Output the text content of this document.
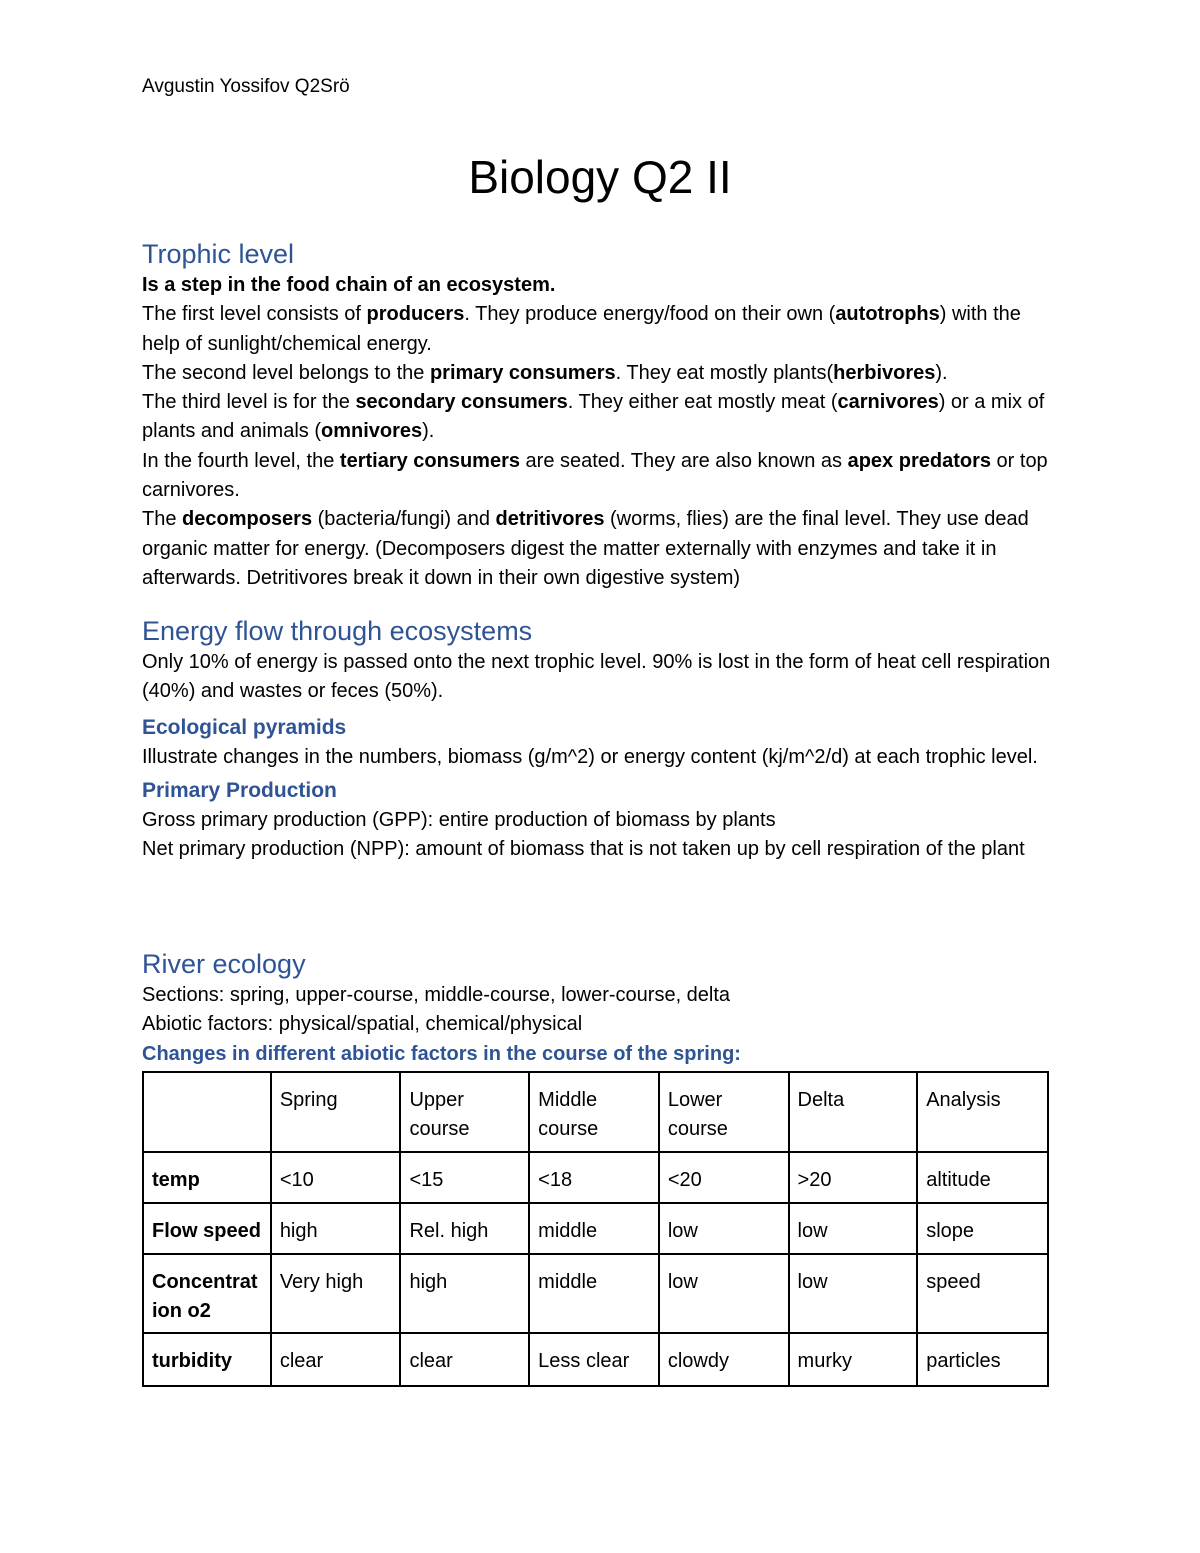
Avgustin Yossifov Q2Srö
Biology Q2 II
Trophic level

Is a step in the food chain of an ecosystem.

The first level consists of producers. They produce energy/food on their own (autotrophs) with the help of sunlight/chemical energy.

The second level belongs to the primary consumers. They eat mostly plants(herbivores).

The third level is for the secondary consumers. They either eat mostly meat (carnivores) or a mix of plants and animals (omnivores).

In the fourth level, the tertiary consumers are seated. They are also known as apex predators or top carnivores.

The decomposers (bacteria/fungi) and detritivores (worms, flies) are the final level. They use dead organic matter for energy. (Decomposers digest the matter externally with enzymes and take it in afterwards. Detritivores break it down in their own digestive system)

Energy flow through ecosystems

Only 10% of energy is passed onto the next trophic level. 90% is lost in the form of heat cell respiration (40%) and wastes or feces (50%).

Ecological pyramids

Illustrate changes in the numbers, biomass (g/m^2) or energy content (kj/m^2/d) at each trophic level.

Primary Production

Gross primary production (GPP): entire production of biomass by plants

Net primary production (NPP): amount of biomass that is not taken up by cell respiration of the plant

River ecology

Sections: spring, upper-course, middle-course, lower-course, delta

Abiotic factors: physical/spatial, chemical/physical

Changes in different abiotic factors in the course of the spring:
	Spring	Upper course	Middle course	Lower course	Delta	Analysis
temp	<10	<15	<18	<20	>20	altitude
Flow speed	high	Rel. high	middle	low	low	slope
Concentration o2	Very high	high	middle	low	low	speed
turbidity	clear	clear	Less clear	clowdy	murky	particles
